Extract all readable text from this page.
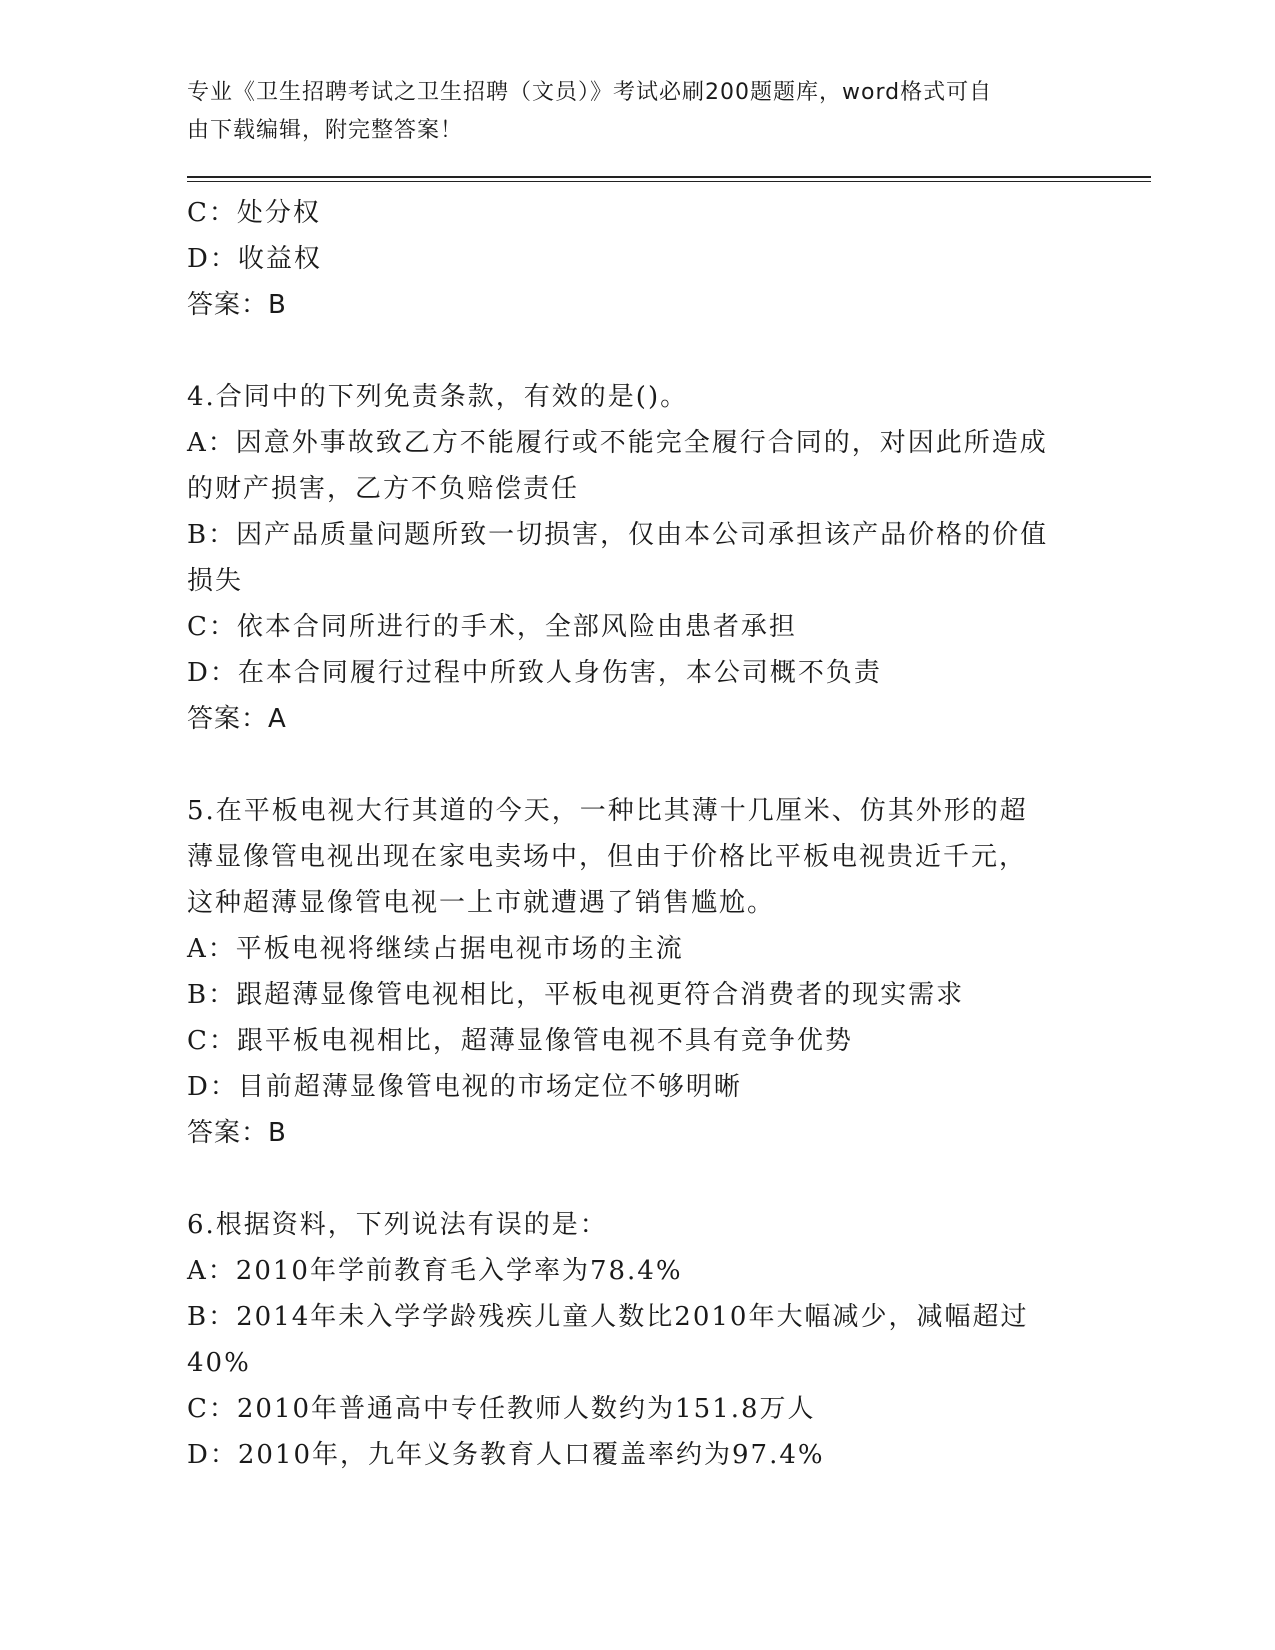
专业《卫生招聘考试之卫生招聘（文员）》考试必刷200题题库，word格式可自
由下载编辑，附完整答案！
C：处分权
D：收益权
答案：B
4.合同中的下列免责条款，有效的是()。
A：因意外事故致乙方不能履行或不能完全履行合同的，对因此所造成
的财产损害，乙方不负赔偿责任
B：因产品质量问题所致一切损害，仅由本公司承担该产品价格的价值
损失
C：依本合同所进行的手术，全部风险由患者承担
D：在本合同履行过程中所致人身伤害，本公司概不负责
答案：A
5.在平板电视大行其道的今天，一种比其薄十几厘米、仿其外形的超
薄显像管电视出现在家电卖场中，但由于价格比平板电视贵近千元，
这种超薄显像管电视一上市就遭遇了销售尴尬。
A：平板电视将继续占据电视市场的主流
B：跟超薄显像管电视相比，平板电视更符合消费者的现实需求
C：跟平板电视相比，超薄显像管电视不具有竞争优势
D：目前超薄显像管电视的市场定位不够明晰
答案：B
6.根据资料，下列说法有误的是：
A：2010年学前教育毛入学率为78.4%
B：2014年未入学学龄残疾儿童人数比2010年大幅减少，减幅超过
40%
C：2010年普通高中专任教师人数约为151.8万人
D：2010年，九年义务教育人口覆盖率约为97.4%
